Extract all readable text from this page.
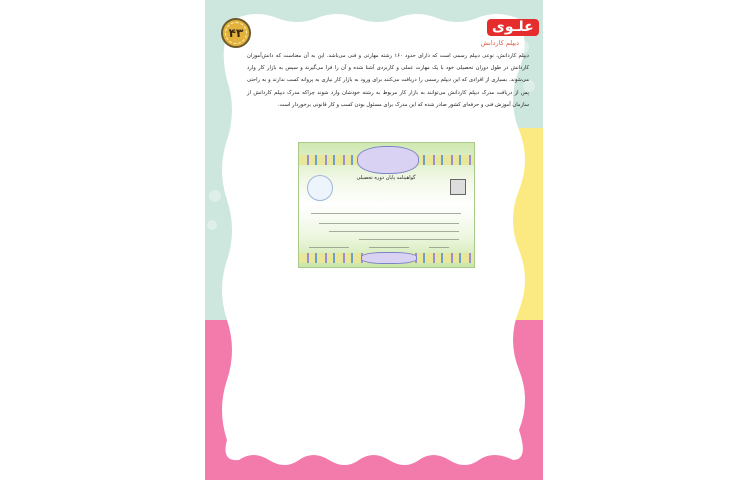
۴۳	علـوی
دیپلم کاردانش
دیپلم کاردانش، نوعی دیپلم رسمی است که دارای حدود ۱۶۰ رشته مهارتی و فنی می‌باشد. این به آن معناست که دانش‌آموزان کاردانش در طول دوران تحصیلی خود با یک مهارت عملی و کاربردی آشنا شده و آن را فرا می‌گیرند و سپس به بازار کار وارد می‌شوند. بسیاری از افرادی که این دیپلم رسمی را دریافت می‌کنند برای ورود به بازار کار نیازی به پروانه کسب ندارند و به راحتی پس از دریافت مدرک دیپلم کاردانش می‌توانند به بازار کار مربوط به رشته خودشان وارد شوند چراکه مدرک دیپلم کاردانش از سازمان آموزش فنی و حرفه‌ای کشور صادر شده که این مدرک برای مسئول بودن کسب و کار قانونی برخوردار است.
گواهینامه پایان دوره تحصیلی
